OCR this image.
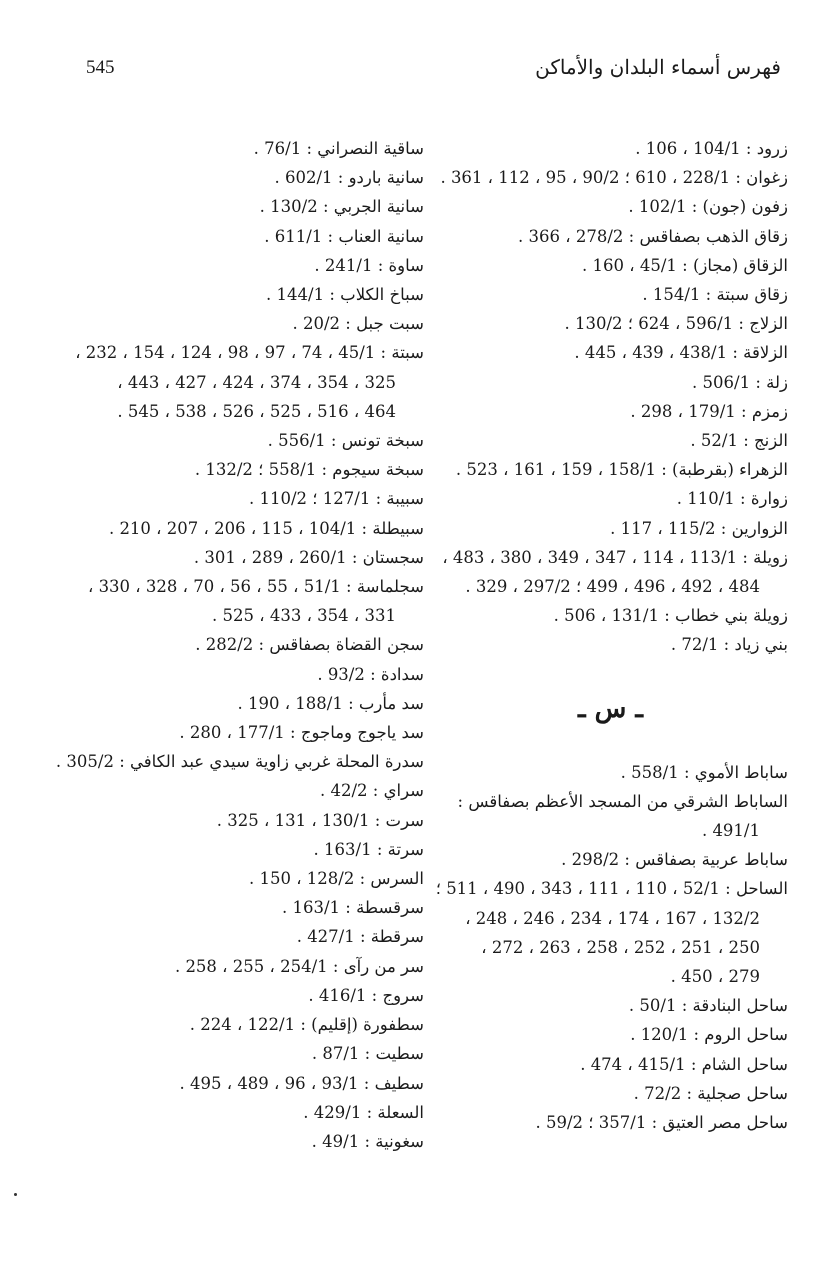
545	فهرس أسماء البلدان والأماكن
زرود : 104/1 ، 106 .
زغوان : 228/1 ، 610 ؛ 90/2 ، 95 ، 112 ، 361 .
زفون (جون) : 102/1 .
زقاق الذهب بصفاقس : 278/2 ، 366 .
الزقاق (مجاز) : 45/1 ، 160 .
زقاق سبتة : 154/1 .
الزلاج : 596/1 ، 624 ؛ 130/2 .
الزلاقة : 438/1 ، 439 ، 445 .
زلة : 506/1 .
زمزم : 179/1 ، 298 .
الزنج : 52/1 .
الزهراء (بقرطبة) : 158/1 ، 159 ، 161 ، 523 .
زوارة : 110/1 .
الزوارين : 115/2 ، 117 .
زويلة : 113/1 ، 114 ، 347 ، 349 ، 380 ، 483 ،
484 ، 492 ، 496 ، 499 ؛ 297/2 ، 329 .
زويلة بني خطاب : 131/1 ، 506 .
بني زياد : 72/1 .
ـ س ـ
ساباط الأموي : 558/1 .
الساباط الشرقي من المسجد الأعظم بصفاقس :
491/1 .
ساباط عربية بصفاقس : 298/2 .
الساحل : 52/1 ، 110 ، 111 ، 343 ، 490 ، 511 ؛
132/2 ، 167 ، 174 ، 234 ، 246 ، 248 ،
250 ، 251 ، 252 ، 258 ، 263 ، 272 ،
279 ، 450 .
ساحل البنادقة : 50/1 .
ساحل الروم : 120/1 .
ساحل الشام : 415/1 ، 474 .
ساحل صجلية : 72/2 .
ساحل مصر العتيق : 357/1 ؛ 59/2 .
ساقية النصراني : 76/1 .
سانية باردو : 602/1 .
سانية الجربي : 130/2 .
سانية العناب : 611/1 .
ساوة : 241/1 .
سباخ الكلاب : 144/1 .
سبت جبل : 20/2 .
سبتة : 45/1 ، 74 ، 97 ، 98 ، 124 ، 154 ، 232 ،
325 ، 354 ، 374 ، 424 ، 427 ، 443 ،
464 ، 516 ، 525 ، 526 ، 538 ، 545 .
سبخة تونس : 556/1 .
سبخة سيجوم : 558/1 ؛ 132/2 .
سبيبة : 127/1 ؛ 110/2 .
سبيطلة : 104/1 ، 115 ، 206 ، 207 ، 210 .
سجستان : 260/1 ، 289 ، 301 .
سجلماسة : 51/1 ، 55 ، 56 ، 70 ، 328 ، 330 ،
331 ، 354 ، 433 ، 525 .
سجن القضاة بصفاقس : 282/2 .
سدادة : 93/2 .
سد مأرب : 188/1 ، 190 .
سد ياجوج وماجوج : 177/1 ، 280 .
سدرة المحلة غربي زاوية سيدي عبد الكافي : 305/2 .
سراي : 42/2 .
سرت : 130/1 ، 131 ، 325 .
سرتة : 163/1 .
السرس : 128/2 ، 150 .
سرقسطة : 163/1 .
سرقطة : 427/1 .
سر من رآى : 254/1 ، 255 ، 258 .
سروج : 416/1 .
سطفورة (إقليم) : 122/1 ، 224 .
سطيت : 87/1 .
سطيف : 93/1 ، 96 ، 489 ، 495 .
السعلة : 429/1 .
سغونية : 49/1 .
